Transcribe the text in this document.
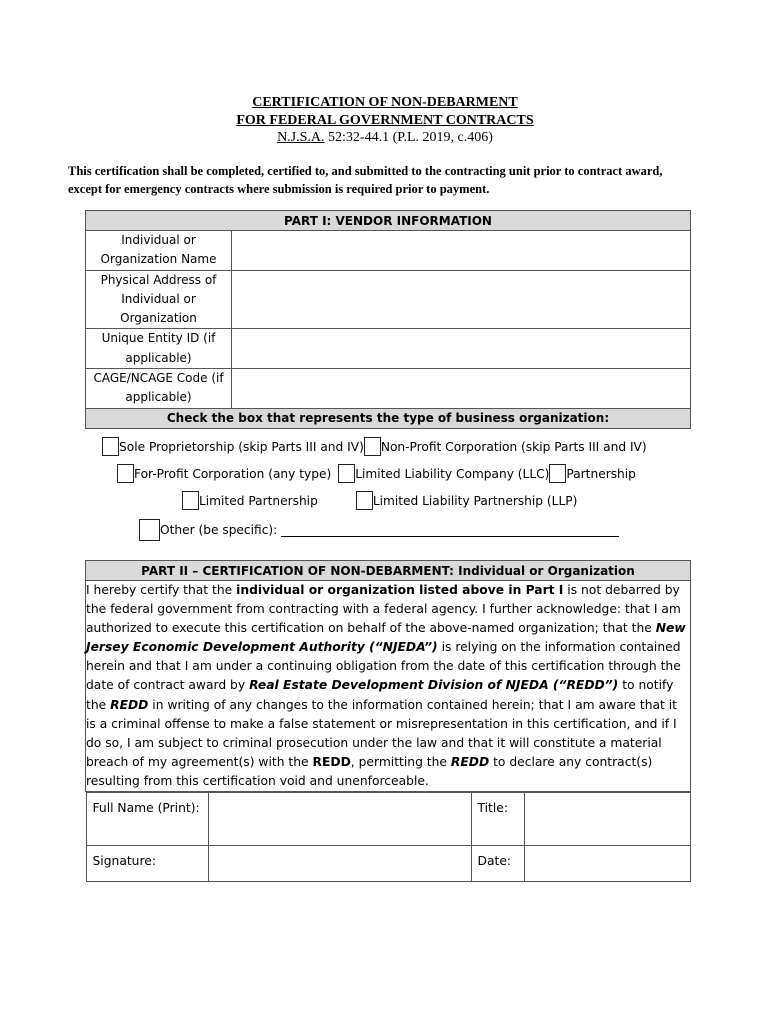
CERTIFICATION OF NON-DEBARMENT
FOR FEDERAL GOVERNMENT CONTRACTS
N.J.S.A. 52:32-44.1 (P.L. 2019, c.406)
This certification shall be completed, certified to, and submitted to the contracting unit prior to contract award, except for emergency contracts where submission is required prior to payment.
PART I: VENDOR INFORMATION	
Individual or Organization Name	
Physical Address of Individual or Organization	
Unique Entity ID (if applicable)	
CAGE/NCAGE Code (if applicable)	
Check the box that represents the type of business organization:	
Sole Proprietorship (skip Parts III and IV) Non-Profit Corporation (skip Parts III and IV)
For-Profit Corporation (any type) Limited Liability Company (LLC) Partnership
Limited Partnership	Limited Liability Partnership (LLP)
Other (be specific):
PART II – CERTIFICATION OF NON-DEBARMENT: Individual or Organization
I hereby certify that the individual or organization listed above in Part I is not debarred by the federal government from contracting with a federal agency. I further acknowledge: that I am authorized to execute this certification on behalf of the above-named organization; that the New Jersey Economic Development Authority (“NJEDA”) is relying on the information contained herein and that I am under a continuing obligation from the date of this certification through the date of contract award by Real Estate Development Division of NJEDA (“REDD”) to notify the REDD in writing of any changes to the information contained herein; that I am aware that it is a criminal offense to make a false statement or misrepresentation in this certification, and if I do so, I am subject to criminal prosecution under the law and that it will constitute a material breach of my agreement(s) with the REDD, permitting the REDD to declare any contract(s) resulting from this certification void and unenforceable.

Full Name (Print):		Title:	
Signature:		Date:	
